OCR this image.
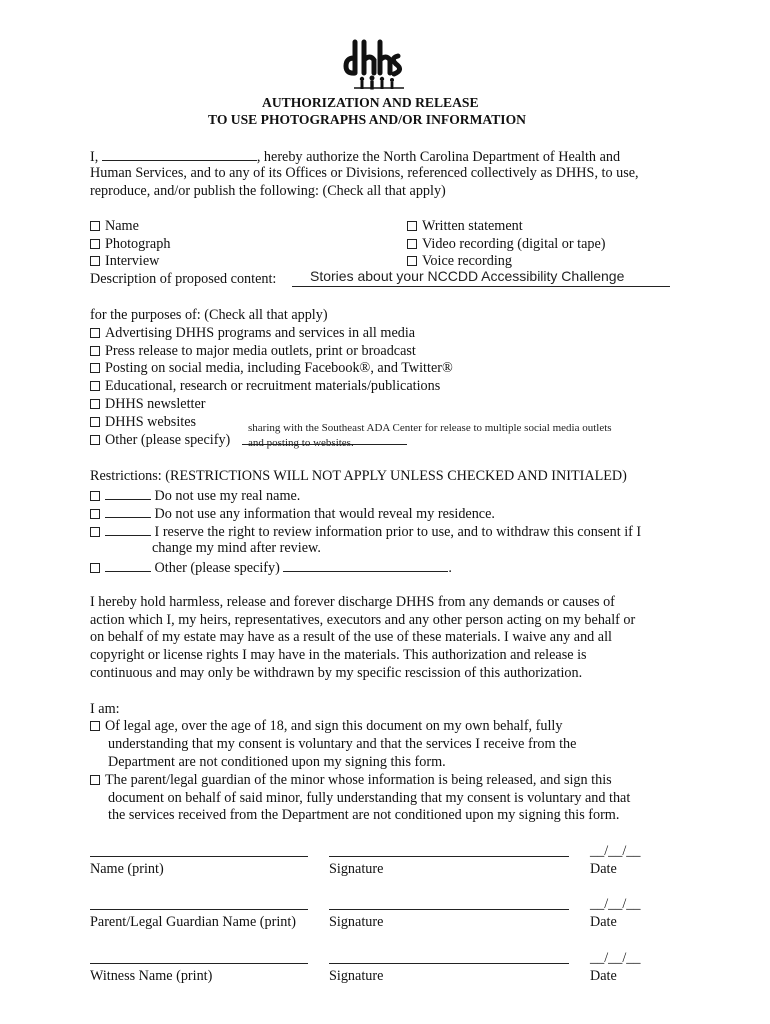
AUTHORIZATION AND RELEASE
TO USE PHOTOGRAPHS AND/OR INFORMATION
I,	, hereby authorize the North Carolina Department of Health and
Human Services, and to any of its Offices or Divisions, referenced collectively as DHHS, to use,
reproduce, and/or publish the following: (Check all that apply)
Name
Photograph
Interview
Written statement
Video recording (digital or tape)
Voice recording
Description of proposed content: Stories about your NCCDD Accessibility Challenge
for the purposes of: (Check all that apply)
Advertising DHHS programs and services in all media
Press release to major media outlets, print or broadcast
Posting on social media, including Facebook®, and Twitter®
Educational, research or recruitment materials/publications
DHHS newsletter
DHHS websites
Other (please specify)
sharing with the Southeast ADA Center for release to multiple social media outlets
and posting to websites.
Restrictions: (RESTRICTIONS WILL NOT APPLY UNLESS CHECKED AND INITIALED)
Do not use my real name.
Do not use any information that would reveal my residence.
I reserve the right to review information prior to use, and to withdraw this consent if I
change my mind after review.
Other (please specify)	.
I hereby hold harmless, release and forever discharge DHHS from any demands or causes of
action which I, my heirs, representatives, executors and any other person acting on my behalf or
on behalf of my estate may have as a result of the use of these materials. I waive any and all
copyright or license rights I may have in the materials. This authorization and release is
continuous and may only be withdrawn by my specific rescission of this authorization.
I am:
Of legal age, over the age of 18, and sign this document on my own behalf, fully
understanding that my consent is voluntary and that the services I receive from the
Department are not conditioned upon my signing this form.
The parent/legal guardian of the minor whose information is being released, and sign this
document on behalf of said minor, fully understanding that my consent is voluntary and that
the services received from the Department are not conditioned upon my signing this form.
__/__/__
Name (print)	Signature	Date
__/__/__
Parent/Legal Guardian Name (print) Signature	Date
__/__/__
Witness Name (print)	Signature	Date
